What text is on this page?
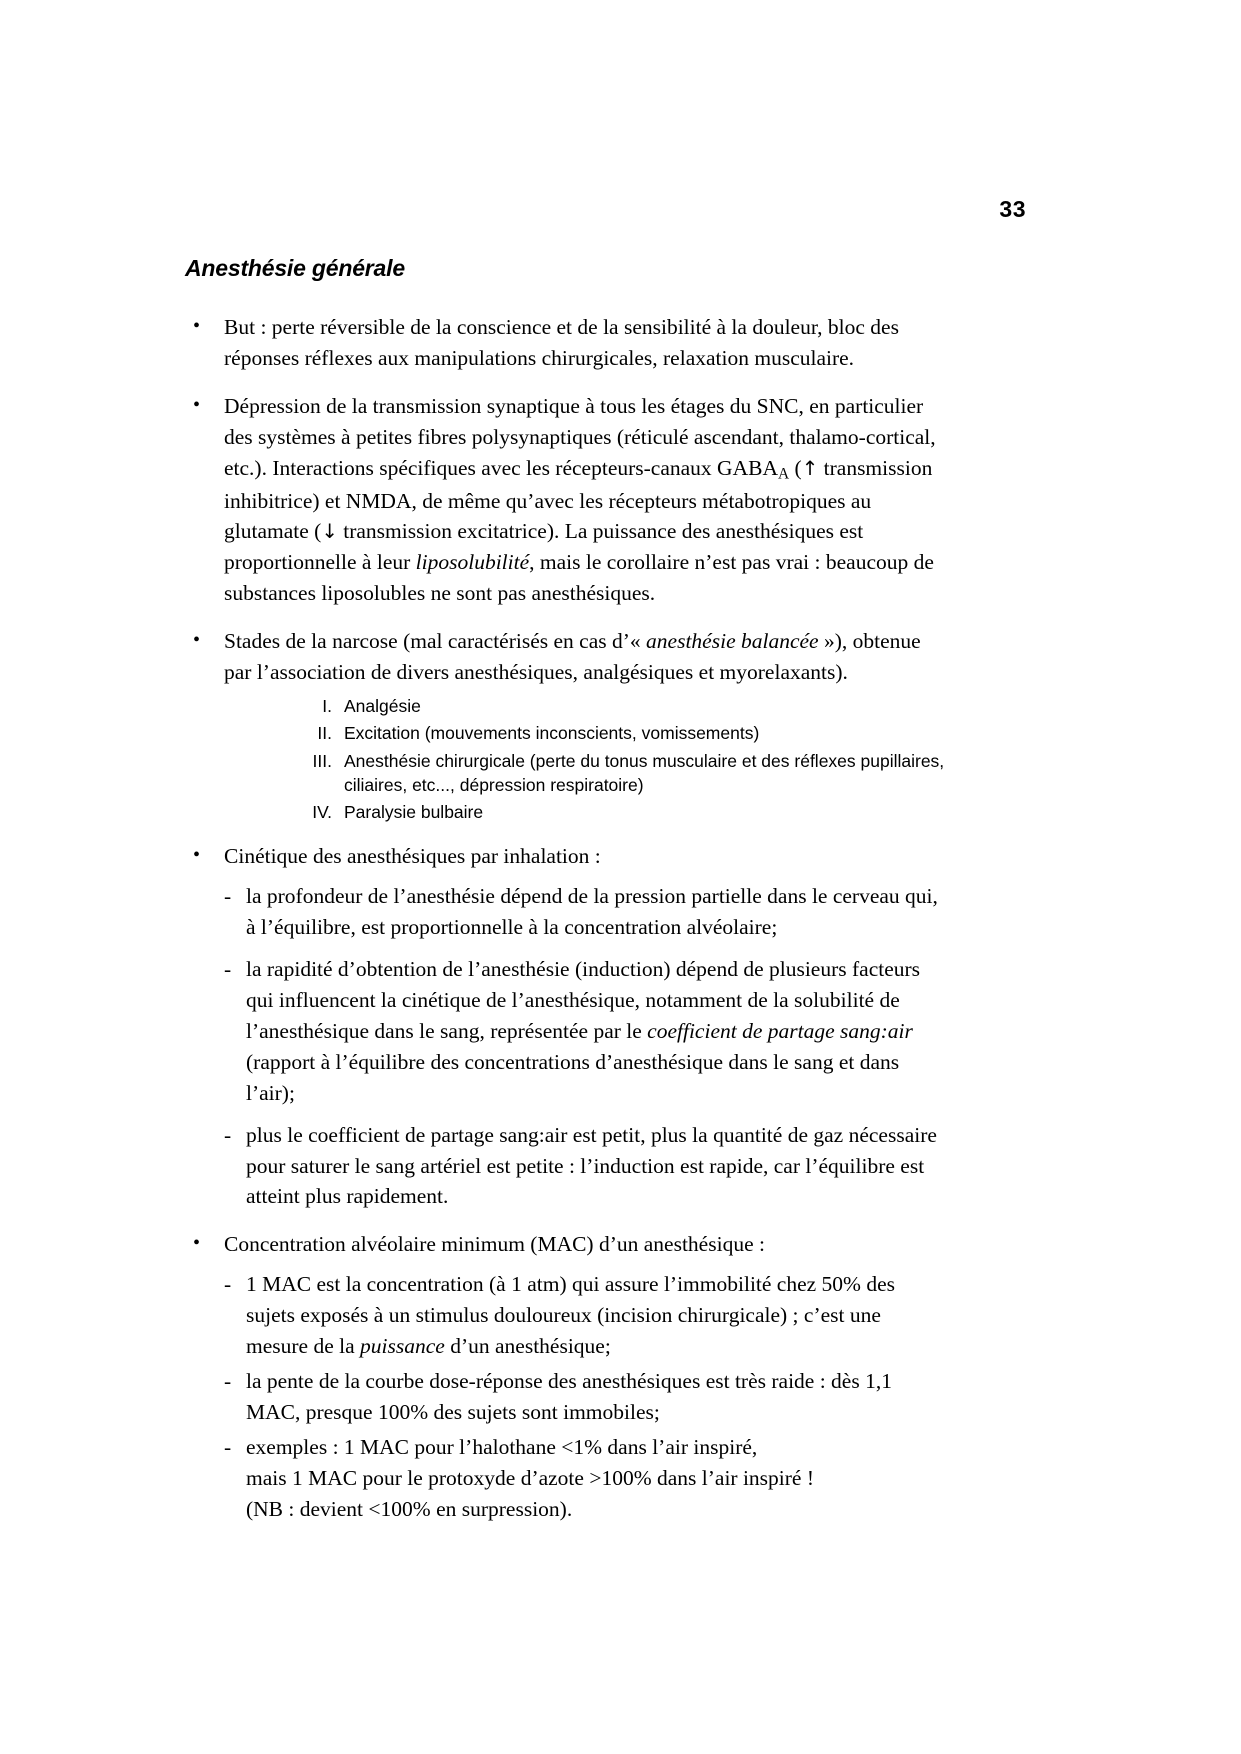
33
Anesthésie générale
• But : perte réversible de la conscience et de la sensibilité à la douleur, bloc des réponses réflexes aux manipulations chirurgicales, relaxation musculaire.
• Dépression de la transmission synaptique à tous les étages du SNC, en particulier des systèmes à petites fibres polysynaptiques (réticulé ascendant, thalamo-cortical, etc.). Interactions spécifiques avec les récepteurs-canaux $GABA_A$ (↑ transmission inhibitrice) et NMDA, de même qu’avec les récepteurs métabotropiques au glutamate (↓ transmission excitatrice). La puissance des anesthésiques est proportionnelle à leur liposolubilité, mais le corollaire n’est pas vrai : beaucoup de substances liposolubles ne sont pas anesthésiques.
• Stades de la narcose (mal caractérisés en cas d’« anesthésie balancée »), obtenue par l’association de divers anesthésiques, analgésiques et myorelaxants).
I. Analgésie
II. Excitation (mouvements inconscients, vomissements)
III. Anesthésie chirurgicale (perte du tonus musculaire et des réflexes pupillaires, ciliaires, etc..., dépression respiratoire)
IV. Paralysie bulbaire
• Cinétique des anesthésiques par inhalation :
- la profondeur de l’anesthésie dépend de la pression partielle dans le cerveau qui, à l’équilibre, est proportionnelle à la concentration alvéolaire;
- la rapidité d’obtention de l’anesthésie (induction) dépend de plusieurs facteurs qui influencent la cinétique de l’anesthésique, notamment de la solubilité de l’anesthésique dans le sang, représentée par le coefficient de partage sang:air (rapport à l’équilibre des concentrations d’anesthésique dans le sang et dans l’air);
- plus le coefficient de partage sang:air est petit, plus la quantité de gaz nécessaire pour saturer le sang artériel est petite : l’induction est rapide, car l’équilibre est atteint plus rapidement.
• Concentration alvéolaire minimum (MAC) d’un anesthésique :
- 1 MAC est la concentration (à 1 atm) qui assure l’immobilité chez 50% des sujets exposés à un stimulus douloureux (incision chirurgicale) ; c’est une mesure de la puissance d’un anesthésique;
- la pente de la courbe dose-réponse des anesthésiques est très raide : dès 1,1 MAC, presque 100% des sujets sont immobiles;
- exemples : 1 MAC pour l’halothane <1% dans l’air inspiré,
mais 1 MAC pour le protoxyde d’azote >100% dans l’air inspiré !
(NB : devient <100% en surpression).
